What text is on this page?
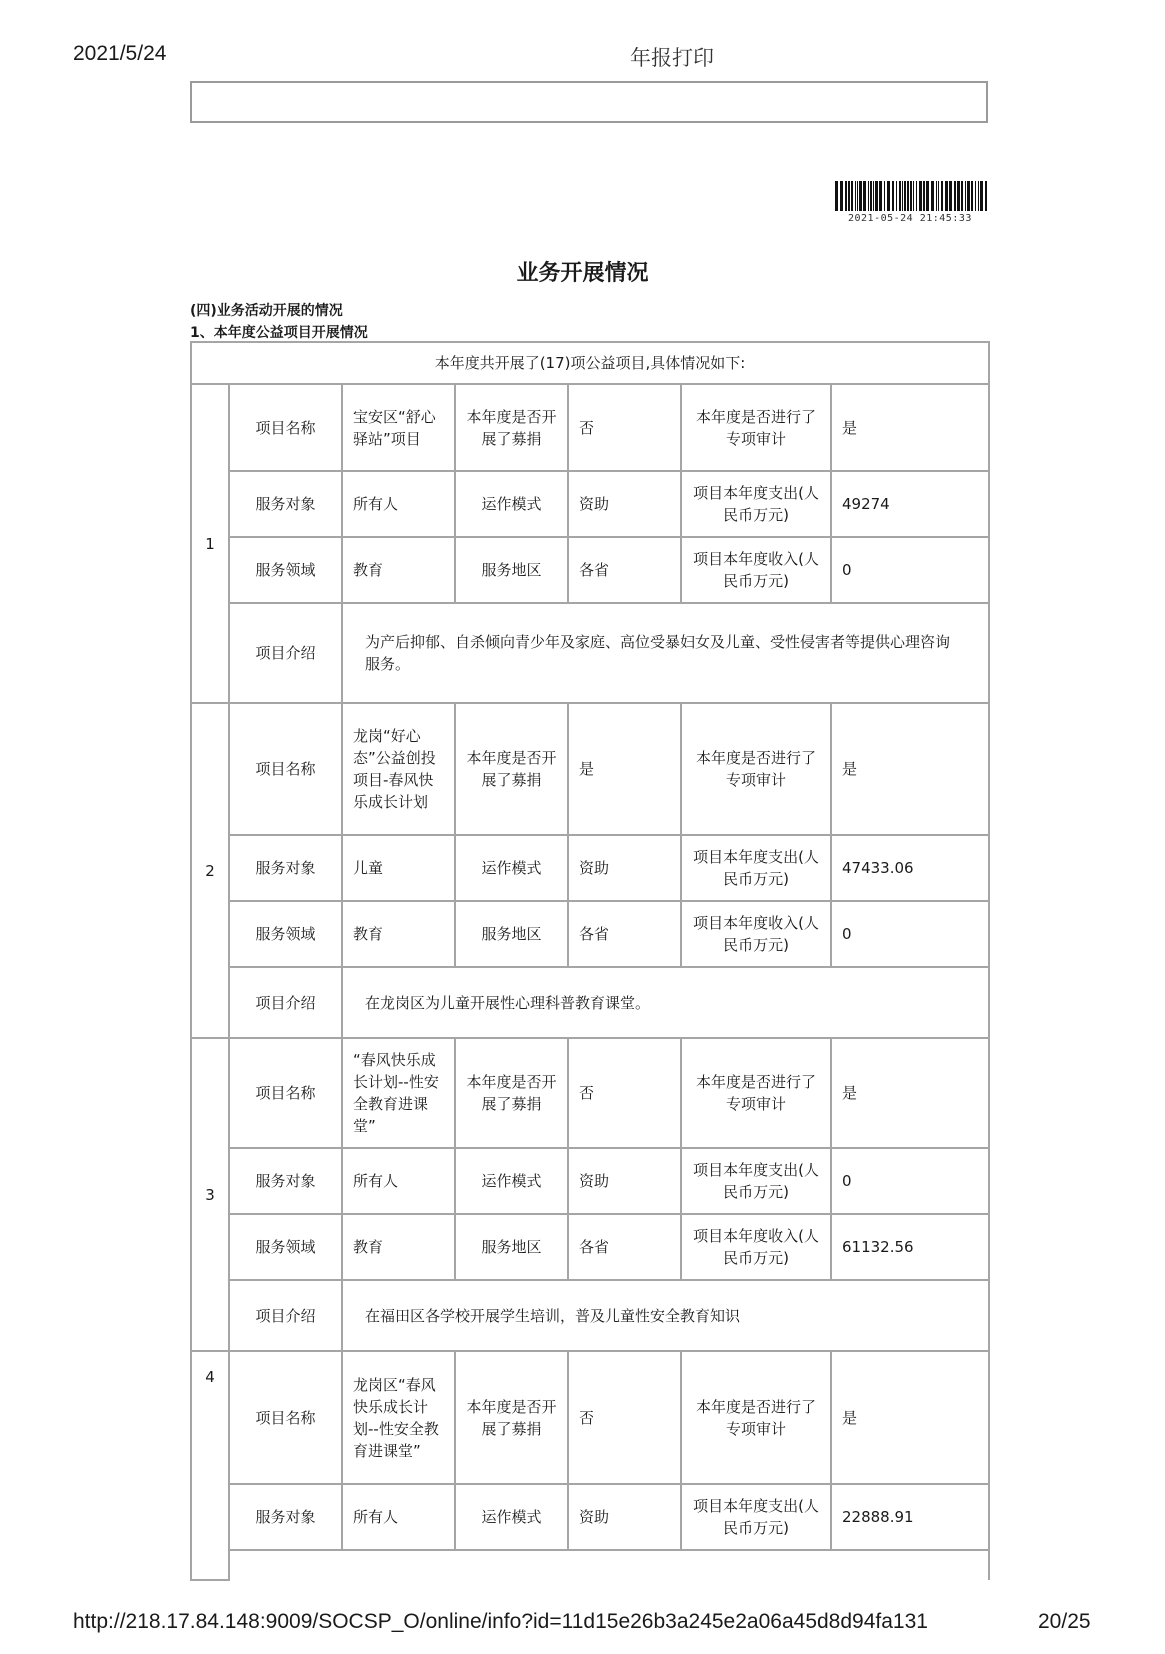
2021/5/24	年报打印
2021-05-24 21:45:33
业务开展情况
(四)业务活动开展的情况
1、本年度公益项目开展情况
本年度共开展了(17)项公益项目,具体情况如下:						
1	项目名称	宝安区“舒心驿站”项目	本年度是否开展了募捐	否	本年度是否进行了专项审计	是
	服务对象	所有人	运作模式	资助	项目本年度支出(人民币万元)	49274
	服务领域	教育	服务地区	各省	项目本年度收入(人民币万元)	0
	项目介绍	为产后抑郁、自杀倾向青少年及家庭、高位受暴妇女及儿童、受性侵害者等提供心理咨询服务。				
2	项目名称	龙岗“好心态”公益创投项目-春风快乐成长计划	本年度是否开展了募捐	是	本年度是否进行了专项审计	是
	服务对象	儿童	运作模式	资助	项目本年度支出(人民币万元)	47433.06
	服务领域	教育	服务地区	各省	项目本年度收入(人民币万元)	0
	项目介绍	在龙岗区为儿童开展性心理科普教育课堂。				
3	项目名称	“春风快乐成长计划--性安全教育进课堂”	本年度是否开展了募捐	否	本年度是否进行了专项审计	是
	服务对象	所有人	运作模式	资助	项目本年度支出(人民币万元)	0
	服务领域	教育	服务地区	各省	项目本年度收入(人民币万元)	61132.56
	项目介绍	在福田区各学校开展学生培训，普及儿童性安全教育知识				
4	项目名称	龙岗区“春风快乐成长计划--性安全教育进课堂”	本年度是否开展了募捐	否	本年度是否进行了专项审计	是
	服务对象	所有人	运作模式	资助	项目本年度支出(人民币万元)	22888.91

http://218.17.84.148:9009/SOCSP_O/online/info?id=11d15e26b3a245e2a06a45d8d94fa131	20/25
